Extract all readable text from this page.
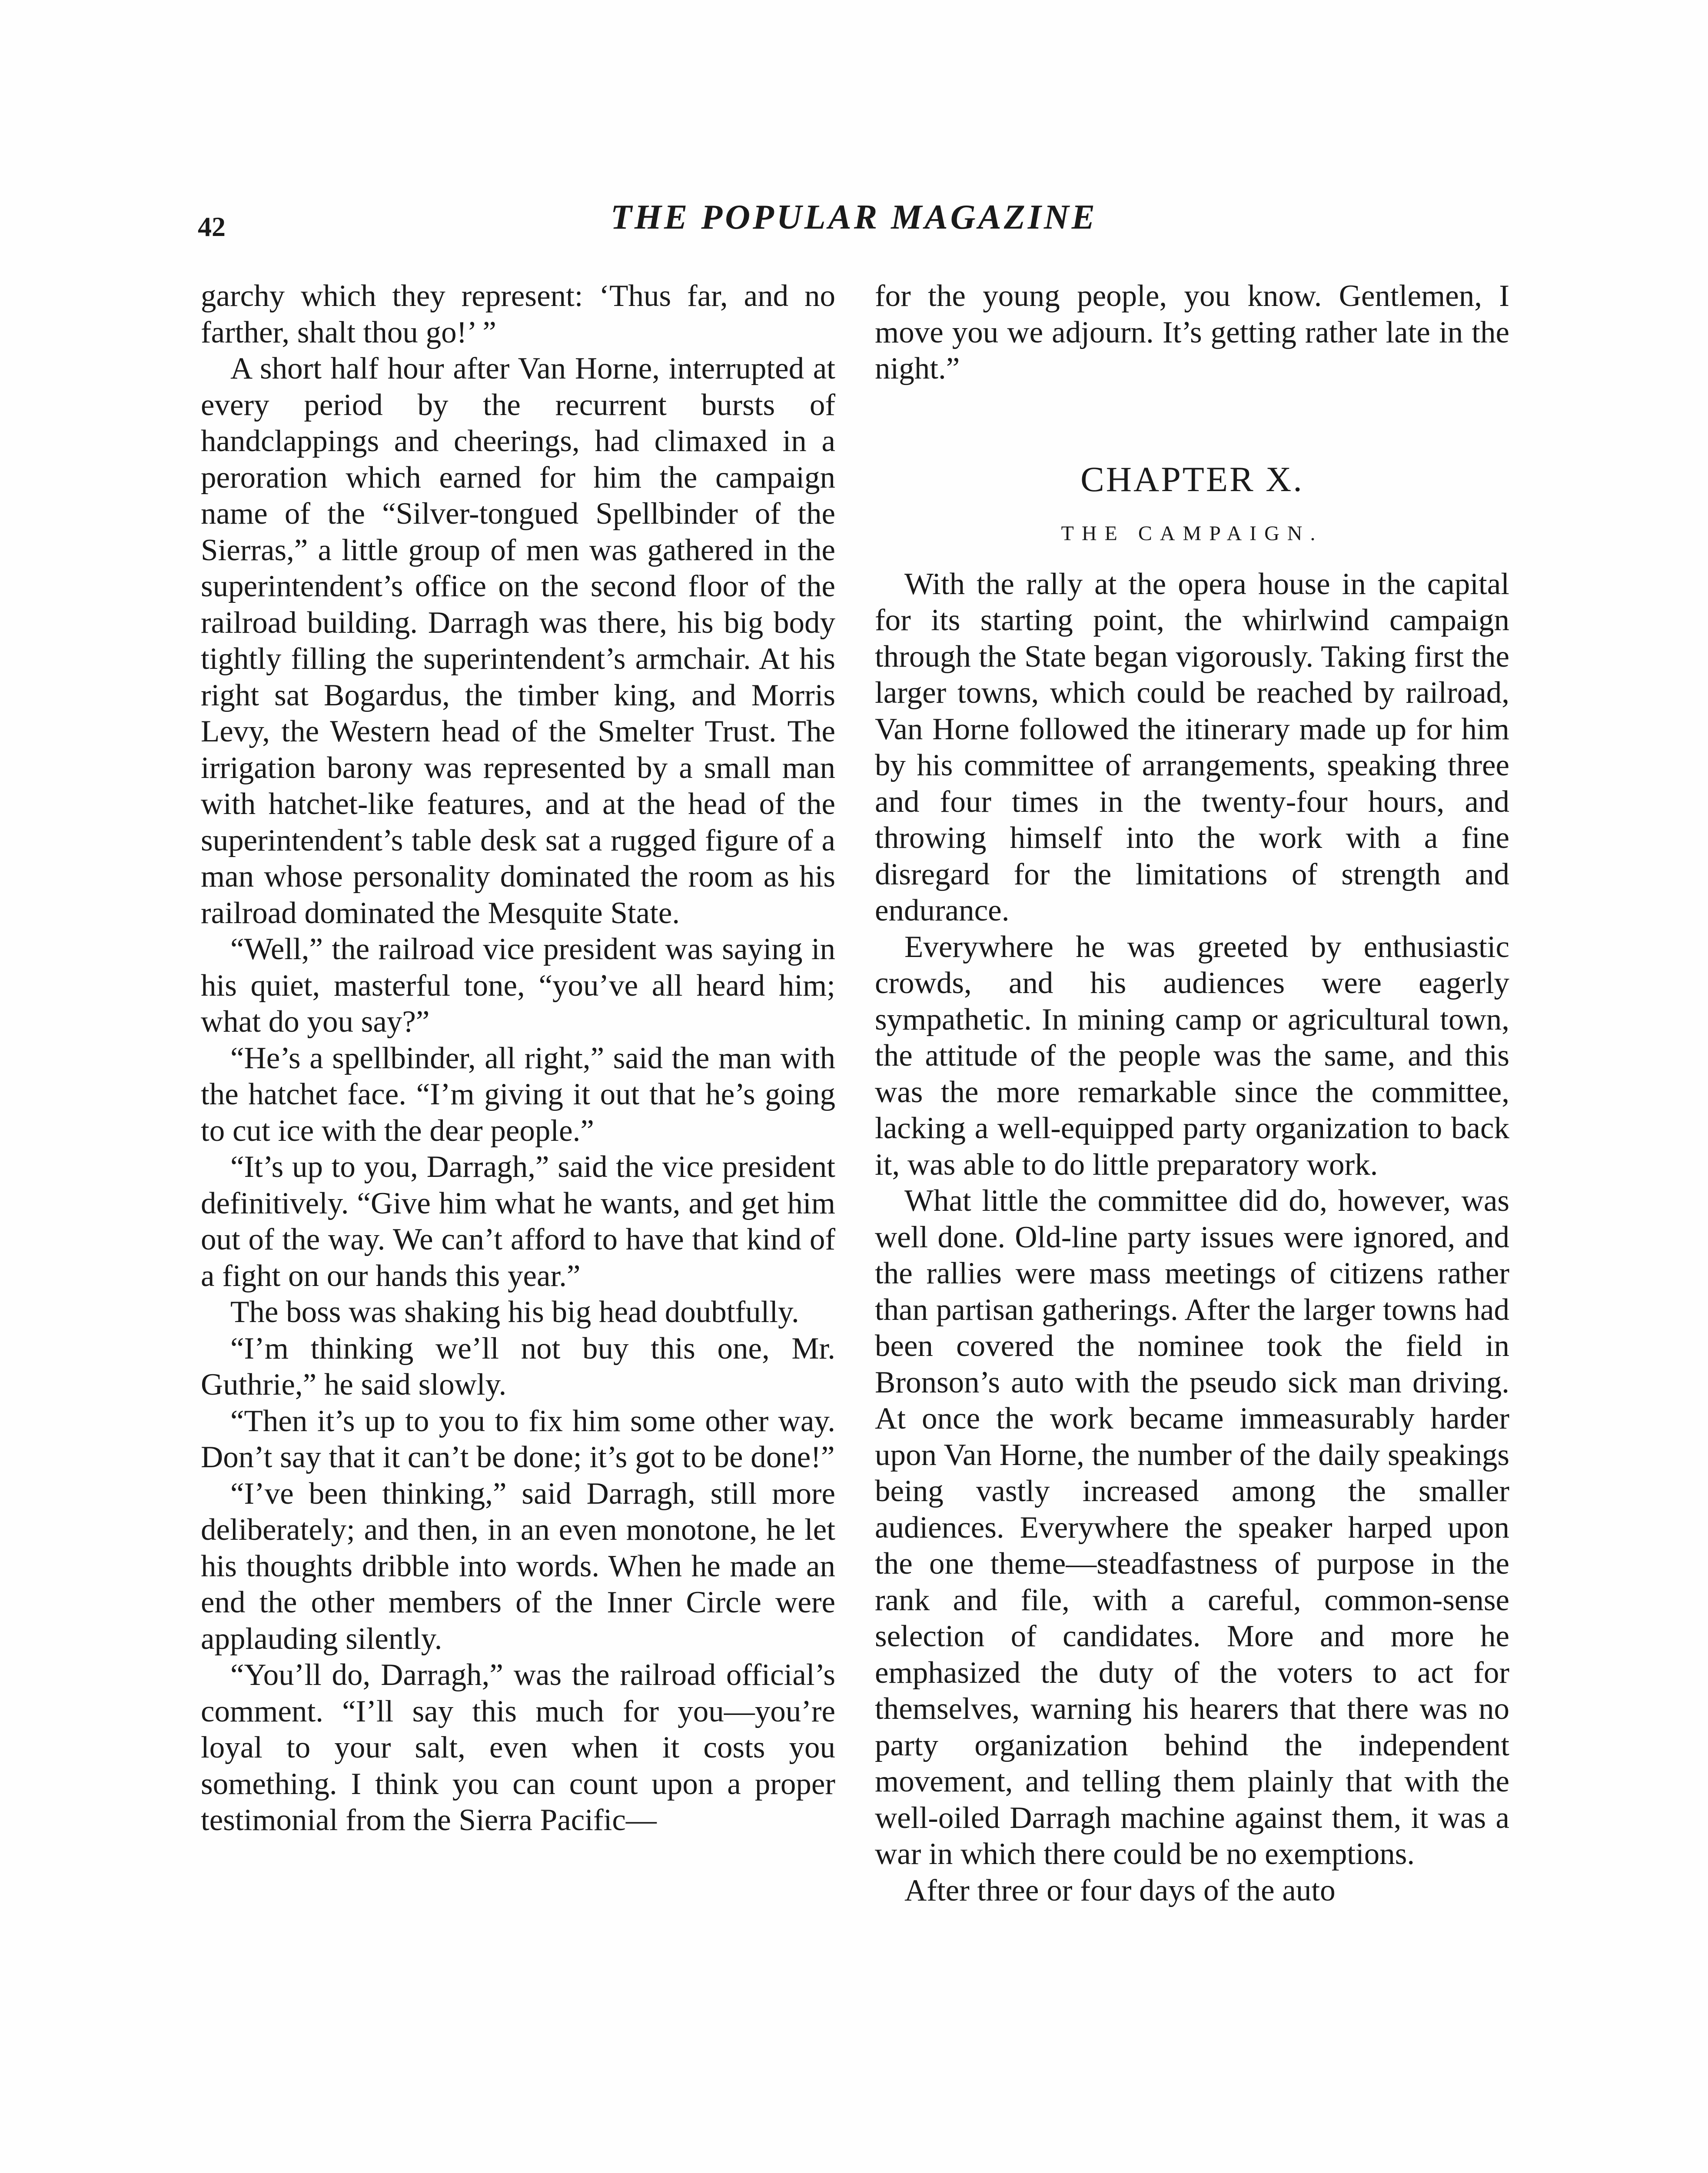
42	THE POPULAR MAGAZINE

garchy which they represent: ‘Thus far, and no farther, shalt thou go!’ ”

A short half hour after Van Horne, interrupted at every period by the recurrent bursts of handclappings and cheerings, had climaxed in a peroration which earned for him the campaign name of the “Silver-tongued Spellbinder of the Sierras,” a little group of men was gathered in the superintendent’s office on the second floor of the railroad building. Darragh was there, his big body tightly filling the superintendent’s armchair. At his right sat Bogardus, the timber king, and Morris Levy, the Western head of the Smelter Trust. The irrigation barony was represented by a small man with hatchet-like features, and at the head of the superintendent’s table desk sat a rugged figure of a man whose personality dominated the room as his railroad dominated the Mesquite State.

“Well,” the railroad vice president was saying in his quiet, masterful tone, “you’ve all heard him; what do you say?”

“He’s a spellbinder, all right,” said the man with the hatchet face. “I’m giving it out that he’s going to cut ice with the dear people.”

“It’s up to you, Darragh,” said the vice president definitively. “Give him what he wants, and get him out of the way. We can’t afford to have that kind of a fight on our hands this year.”

The boss was shaking his big head doubtfully.

“I’m thinking we’ll not buy this one, Mr. Guthrie,” he said slowly.

“Then it’s up to you to fix him some other way. Don’t say that it can’t be done; it’s got to be done!”

“I’ve been thinking,” said Darragh, still more deliberately; and then, in an even monotone, he let his thoughts dribble into words. When he made an end the other members of the Inner Circle were applauding silently.

“You’ll do, Darragh,” was the railroad official’s comment. “I’ll say this much for you—you’re loyal to your salt, even when it costs you something. I think you can count upon a proper testimonial from the Sierra Pacific—

for the young people, you know. Gentlemen, I move you we adjourn. It’s getting rather late in the night.”

CHAPTER X.
THE CAMPAIGN.

With the rally at the opera house in the capital for its starting point, the whirlwind campaign through the State began vigorously. Taking first the larger towns, which could be reached by railroad, Van Horne followed the itinerary made up for him by his committee of arrangements, speaking three and four times in the twenty-four hours, and throwing himself into the work with a fine disregard for the limitations of strength and endurance.

Everywhere he was greeted by enthusiastic crowds, and his audiences were eagerly sympathetic. In mining camp or agricultural town, the attitude of the people was the same, and this was the more remarkable since the committee, lacking a well-equipped party organization to back it, was able to do little preparatory work.

What little the committee did do, however, was well done. Old-line party issues were ignored, and the rallies were mass meetings of citizens rather than partisan gatherings. After the larger towns had been covered the nominee took the field in Bronson’s auto with the pseudo sick man driving. At once the work became immeasurably harder upon Van Horne, the number of the daily speakings being vastly increased among the smaller audiences. Everywhere the speaker harped upon the one theme—steadfastness of purpose in the rank and file, with a careful, common-sense selection of candidates. More and more he emphasized the duty of the voters to act for themselves, warning his hearers that there was no party organization behind the independent movement, and telling them plainly that with the well-oiled Darragh machine against them, it was a war in which there could be no exemptions.

After three or four days of the auto
